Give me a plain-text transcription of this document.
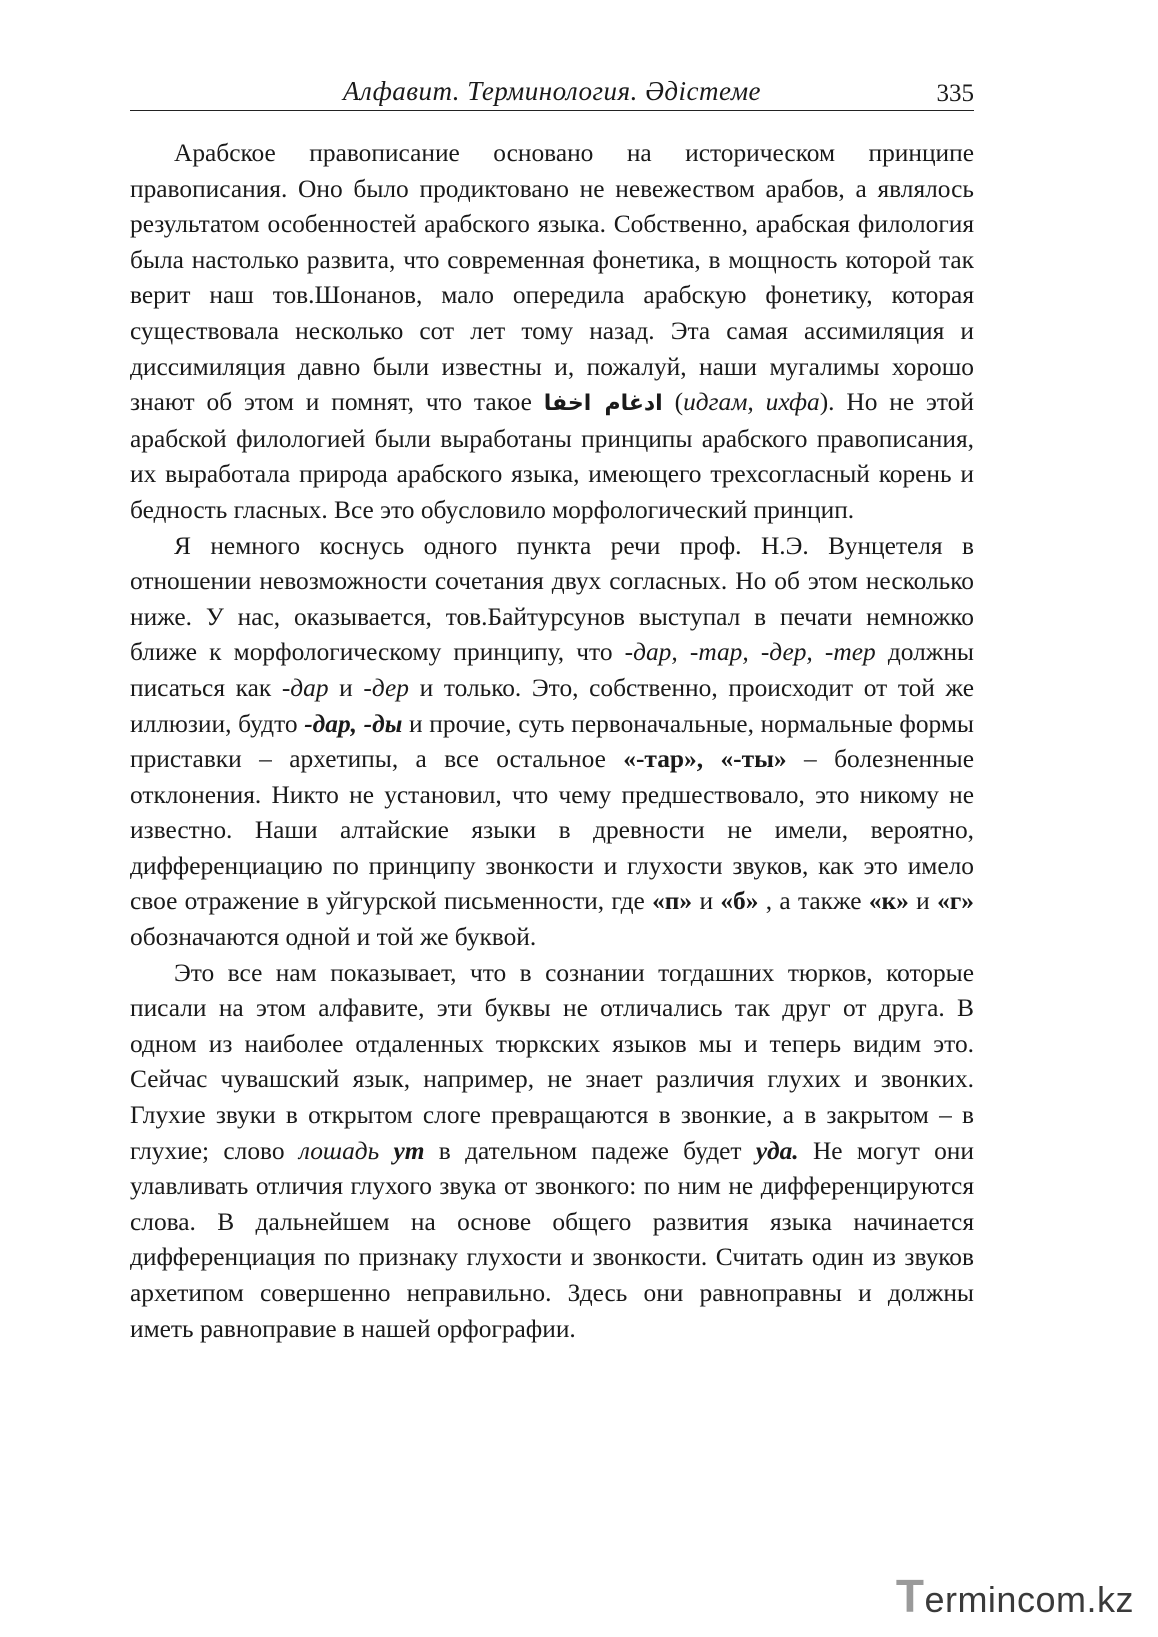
Алфавит. Терминология. Әдістеме	335

Арабское правописание основано на историческом принципе правописания. Оно было продиктовано не невежеством арабов, а являлось результатом особенностей арабского языка. Собственно, арабская филология была настолько развита, что современная фонетика, в мощность которой так верит наш тов.Шонанов, мало опередила арабскую фонетику, которая существовала несколько сот лет тому назад. Эта самая ассимиляция и диссимиляция давно были известны и, пожалуй, наши мугалимы хорошо знают об этом и помнят, что такое ادغام اخفا (идгам, ихфа). Но не этой арабской филологией были выработаны принципы арабского правописания, их выработала природа арабского языка, имеющего трехсогласный корень и бедность гласных. Все это обусловило морфологический принцип.

Я немного коснусь одного пункта речи проф. Н.Э. Вунцетеля в отношении невозможности сочетания двух согласных. Но об этом несколько ниже. У нас, оказывается, тов.Байтурсунов выступал в печати немножко ближе к морфологическому принципу, что -дар, -тар, -дер, -тер должны писаться как -дар и -дер и только. Это, собственно, происходит от той же иллюзии, будто -дар, -ды и прочие, суть первоначальные, нормальные формы приставки – архетипы, а все остальное «-тар», «-ты» – болезненные отклонения. Никто не установил, что чему предшествовало, это никому не известно. Наши алтайские языки в древности не имели, вероятно, дифференциацию по принципу звонкости и глухости звуков, как это имело свое отражение в уйгурской письменности, где «п» и «б» , а также «к» и «г» обозначаются одной и той же буквой.

Это все нам показывает, что в сознании тогдашних тюрков, которые писали на этом алфавите, эти буквы не отличались так друг от друга. В одном из наиболее отдаленных тюркских языков мы и теперь видим это. Сейчас чувашский язык, например, не знает различия глухих и звонких. Глухие звуки в открытом слоге превращаются в звонкие, а в закрытом – в глухие; слово лошадь ут в дательном падеже будет уда. Не могут они улавливать отличия глухого звука от звонкого: по ним не дифференцируются слова. В дальнейшем на основе общего развития языка начинается дифференциация по признаку глухости и звонкости. Считать один из звуков архетипом совершенно неправильно. Здесь они равноправны и должны иметь равноправие в нашей орфографии.

Termincom.kz
